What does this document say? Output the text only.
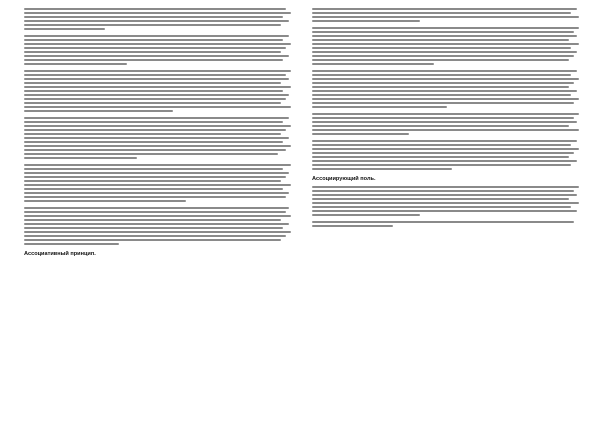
Ассоциативный принцип.
Ассоциирующий поль.
